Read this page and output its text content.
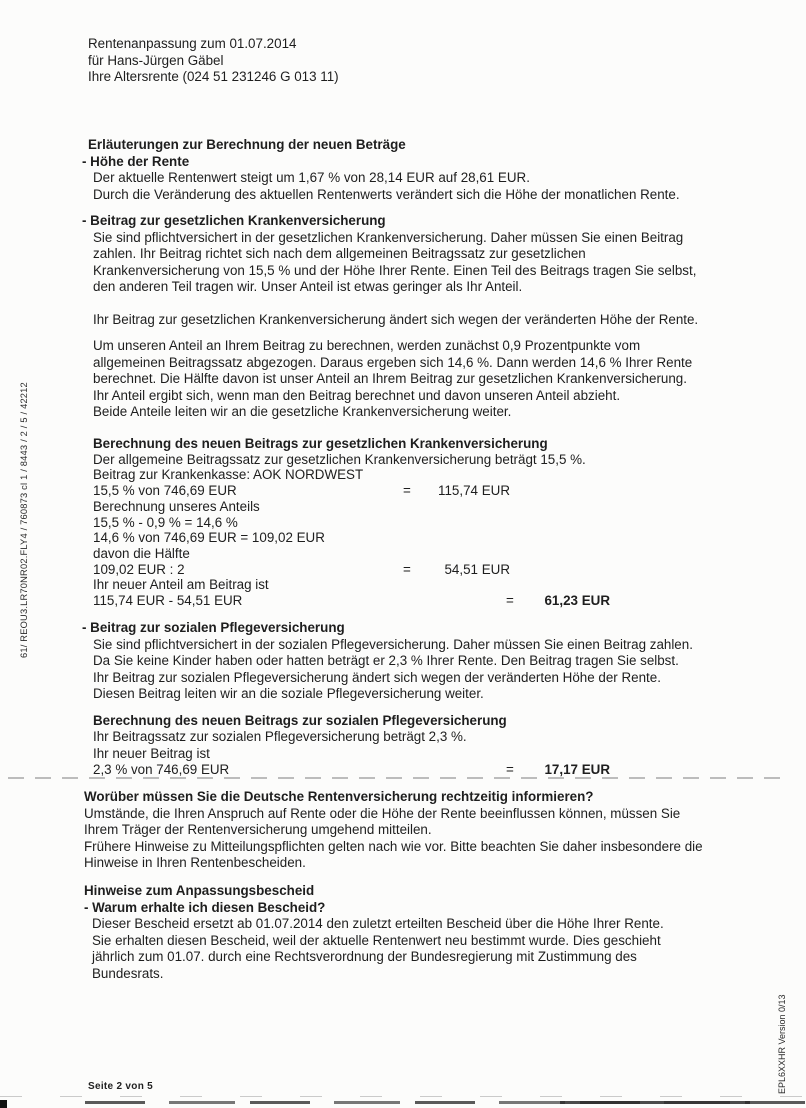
Rentenanpassung zum 01.07.2014
für Hans-Jürgen Gäbel
Ihre Altersrente (024 51 231246 G 013 11)
Erläuterungen zur Berechnung der neuen Beträge
- Höhe der Rente
Der aktuelle Rentenwert steigt um 1,67 % von 28,14 EUR auf 28,61 EUR.
Durch die Veränderung des aktuellen Rentenwerts verändert sich die Höhe der monatlichen Rente.
- Beitrag zur gesetzlichen Krankenversicherung
Sie sind pflichtversichert in der gesetzlichen Krankenversicherung. Daher müssen Sie einen Beitrag
zahlen. Ihr Beitrag richtet sich nach dem allgemeinen Beitragssatz zur gesetzlichen
Krankenversicherung von 15,5 % und der Höhe Ihrer Rente. Einen Teil des Beitrags tragen Sie selbst,
den anderen Teil tragen wir. Unser Anteil ist etwas geringer als Ihr Anteil.
Ihr Beitrag zur gesetzlichen Krankenversicherung ändert sich wegen der veränderten Höhe der Rente.
Um unseren Anteil an Ihrem Beitrag zu berechnen, werden zunächst 0,9 Prozentpunkte vom
allgemeinen Beitragssatz abgezogen. Daraus ergeben sich 14,6 %. Dann werden 14,6 % Ihrer Rente
berechnet. Die Hälfte davon ist unser Anteil an Ihrem Beitrag zur gesetzlichen Krankenversicherung.
Ihr Anteil ergibt sich, wenn man den Beitrag berechnet und davon unseren Anteil abzieht.
Beide Anteile leiten wir an die gesetzliche Krankenversicherung weiter.
Berechnung des neuen Beitrags zur gesetzlichen Krankenversicherung
Der allgemeine Beitragssatz zur gesetzlichen Krankenversicherung beträgt 15,5 %.
Beitrag zur Krankenkasse: AOK NORDWEST
15,5 % von 746,69 EUR	=	115,74 EUR
Berechnung unseres Anteils
15,5 % - 0,9 % = 14,6 %
14,6 % von 746,69 EUR = 109,02 EUR
davon die Hälfte
109,02 EUR : 2	=	54,51 EUR
Ihr neuer Anteil am Beitrag ist
115,74 EUR - 54,51 EUR	=	61,23 EUR
- Beitrag zur sozialen Pflegeversicherung
Sie sind pflichtversichert in der sozialen Pflegeversicherung. Daher müssen Sie einen Beitrag zahlen.
Da Sie keine Kinder haben oder hatten beträgt er 2,3 % Ihrer Rente. Den Beitrag tragen Sie selbst.
Ihr Beitrag zur sozialen Pflegeversicherung ändert sich wegen der veränderten Höhe der Rente.
Diesen Beitrag leiten wir an die soziale Pflegeversicherung weiter.
Berechnung des neuen Beitrags zur sozialen Pflegeversicherung
Ihr Beitragssatz zur sozialen Pflegeversicherung beträgt 2,3 %.
Ihr neuer Beitrag ist
2,3 % von 746,69 EUR	=	17,17 EUR
Worüber müssen Sie die Deutsche Rentenversicherung rechtzeitig informieren?
Umstände, die Ihren Anspruch auf Rente oder die Höhe der Rente beeinflussen können, müssen Sie
Ihrem Träger der Rentenversicherung umgehend mitteilen.
Frühere Hinweise zu Mitteilungspflichten gelten nach wie vor. Bitte beachten Sie daher insbesondere die
Hinweise in Ihren Rentenbescheiden.
Hinweise zum Anpassungsbescheid
- Warum erhalte ich diesen Bescheid?
Dieser Bescheid ersetzt ab 01.07.2014 den zuletzt erteilten Bescheid über die Höhe Ihrer Rente.
Sie erhalten diesen Bescheid, weil der aktuelle Rentenwert neu bestimmt wurde. Dies geschieht
jährlich zum 01.07. durch eine Rechtsverordnung der Bundesregierung mit Zustimmung des
Bundesrats.
61/ REOU3.LR70NR02.FLY4 / 760873 cl 1 / 8443 / 2 / 5 / 42212
EPL6XXHR Version 0/13
Seite 2 von 5
